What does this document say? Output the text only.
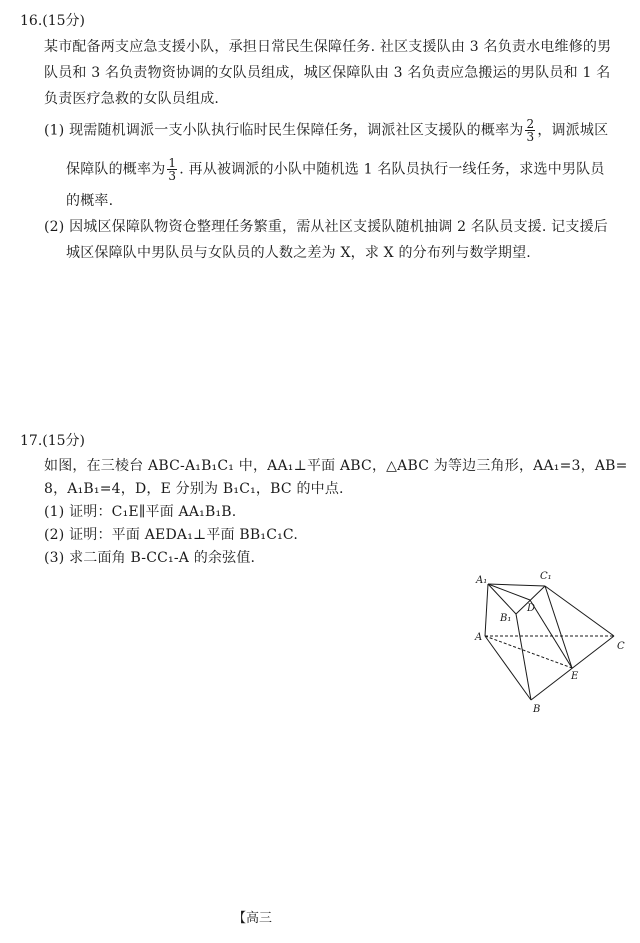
16.(15分)
某市配备两支应急支援小队，承担日常民生保障任务. 社区支援队由 3 名负责水电维修的男
队员和 3 名负责物资协调的女队员组成，城区保障队由 3 名负责应急搬运的男队员和 1 名
负责医疗急救的女队员组成.
(1) 现需随机调派一支小队执行临时民生保障任务，调派社区支援队的概率为 $\frac{2}{3}$ ，调派城区
保障队的概率为 $\frac{1}{3}$ . 再从被调派的小队中随机选 1 名队员执行一线任务，求选中男队员
的概率.
(2) 因城区保障队物资仓整理任务繁重，需从社区支援队随机抽调 2 名队员支援. 记支援后
城区保障队中男队员与女队员的人数之差为 X，求 X 的分布列与数学期望.
17.(15分)
如图，在三棱台 ABC-A₁B₁C₁ 中，AA₁⊥平面 ABC，△ABC 为等边三角形，AA₁=3，AB=
8，A₁B₁=4，D，E 分别为 B₁C₁，BC 的中点.
(1) 证明：C₁E∥平面 AA₁B₁B.
(2) 证明：平面 AEDA₁⊥平面 BB₁C₁C.
(3) 求二面角 B-CC₁-A 的余弦值.
A₁	C₁
D
B₁
A
C
E
B
【高三
